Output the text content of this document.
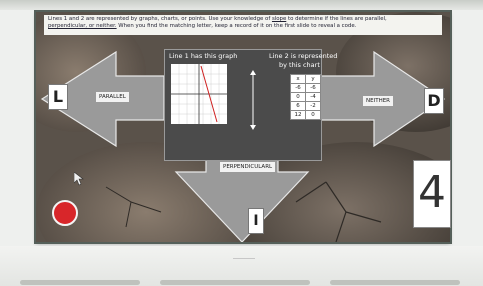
Lines 1 and 2 are represented by graphs, charts, or points. Use your knowledge of slope to determine if the lines are parallel,
perpendicular, or neither. When you find the matching letter, keep a record of it on the first slide to reveal a code.
L	PARALLEL	D
NEITHER
PERPENDICULARL
I
Line 1 has this graph	Line 2 is represented
by this chart
x	y
-6	-6
0	-4
6	-2
12	0
4
